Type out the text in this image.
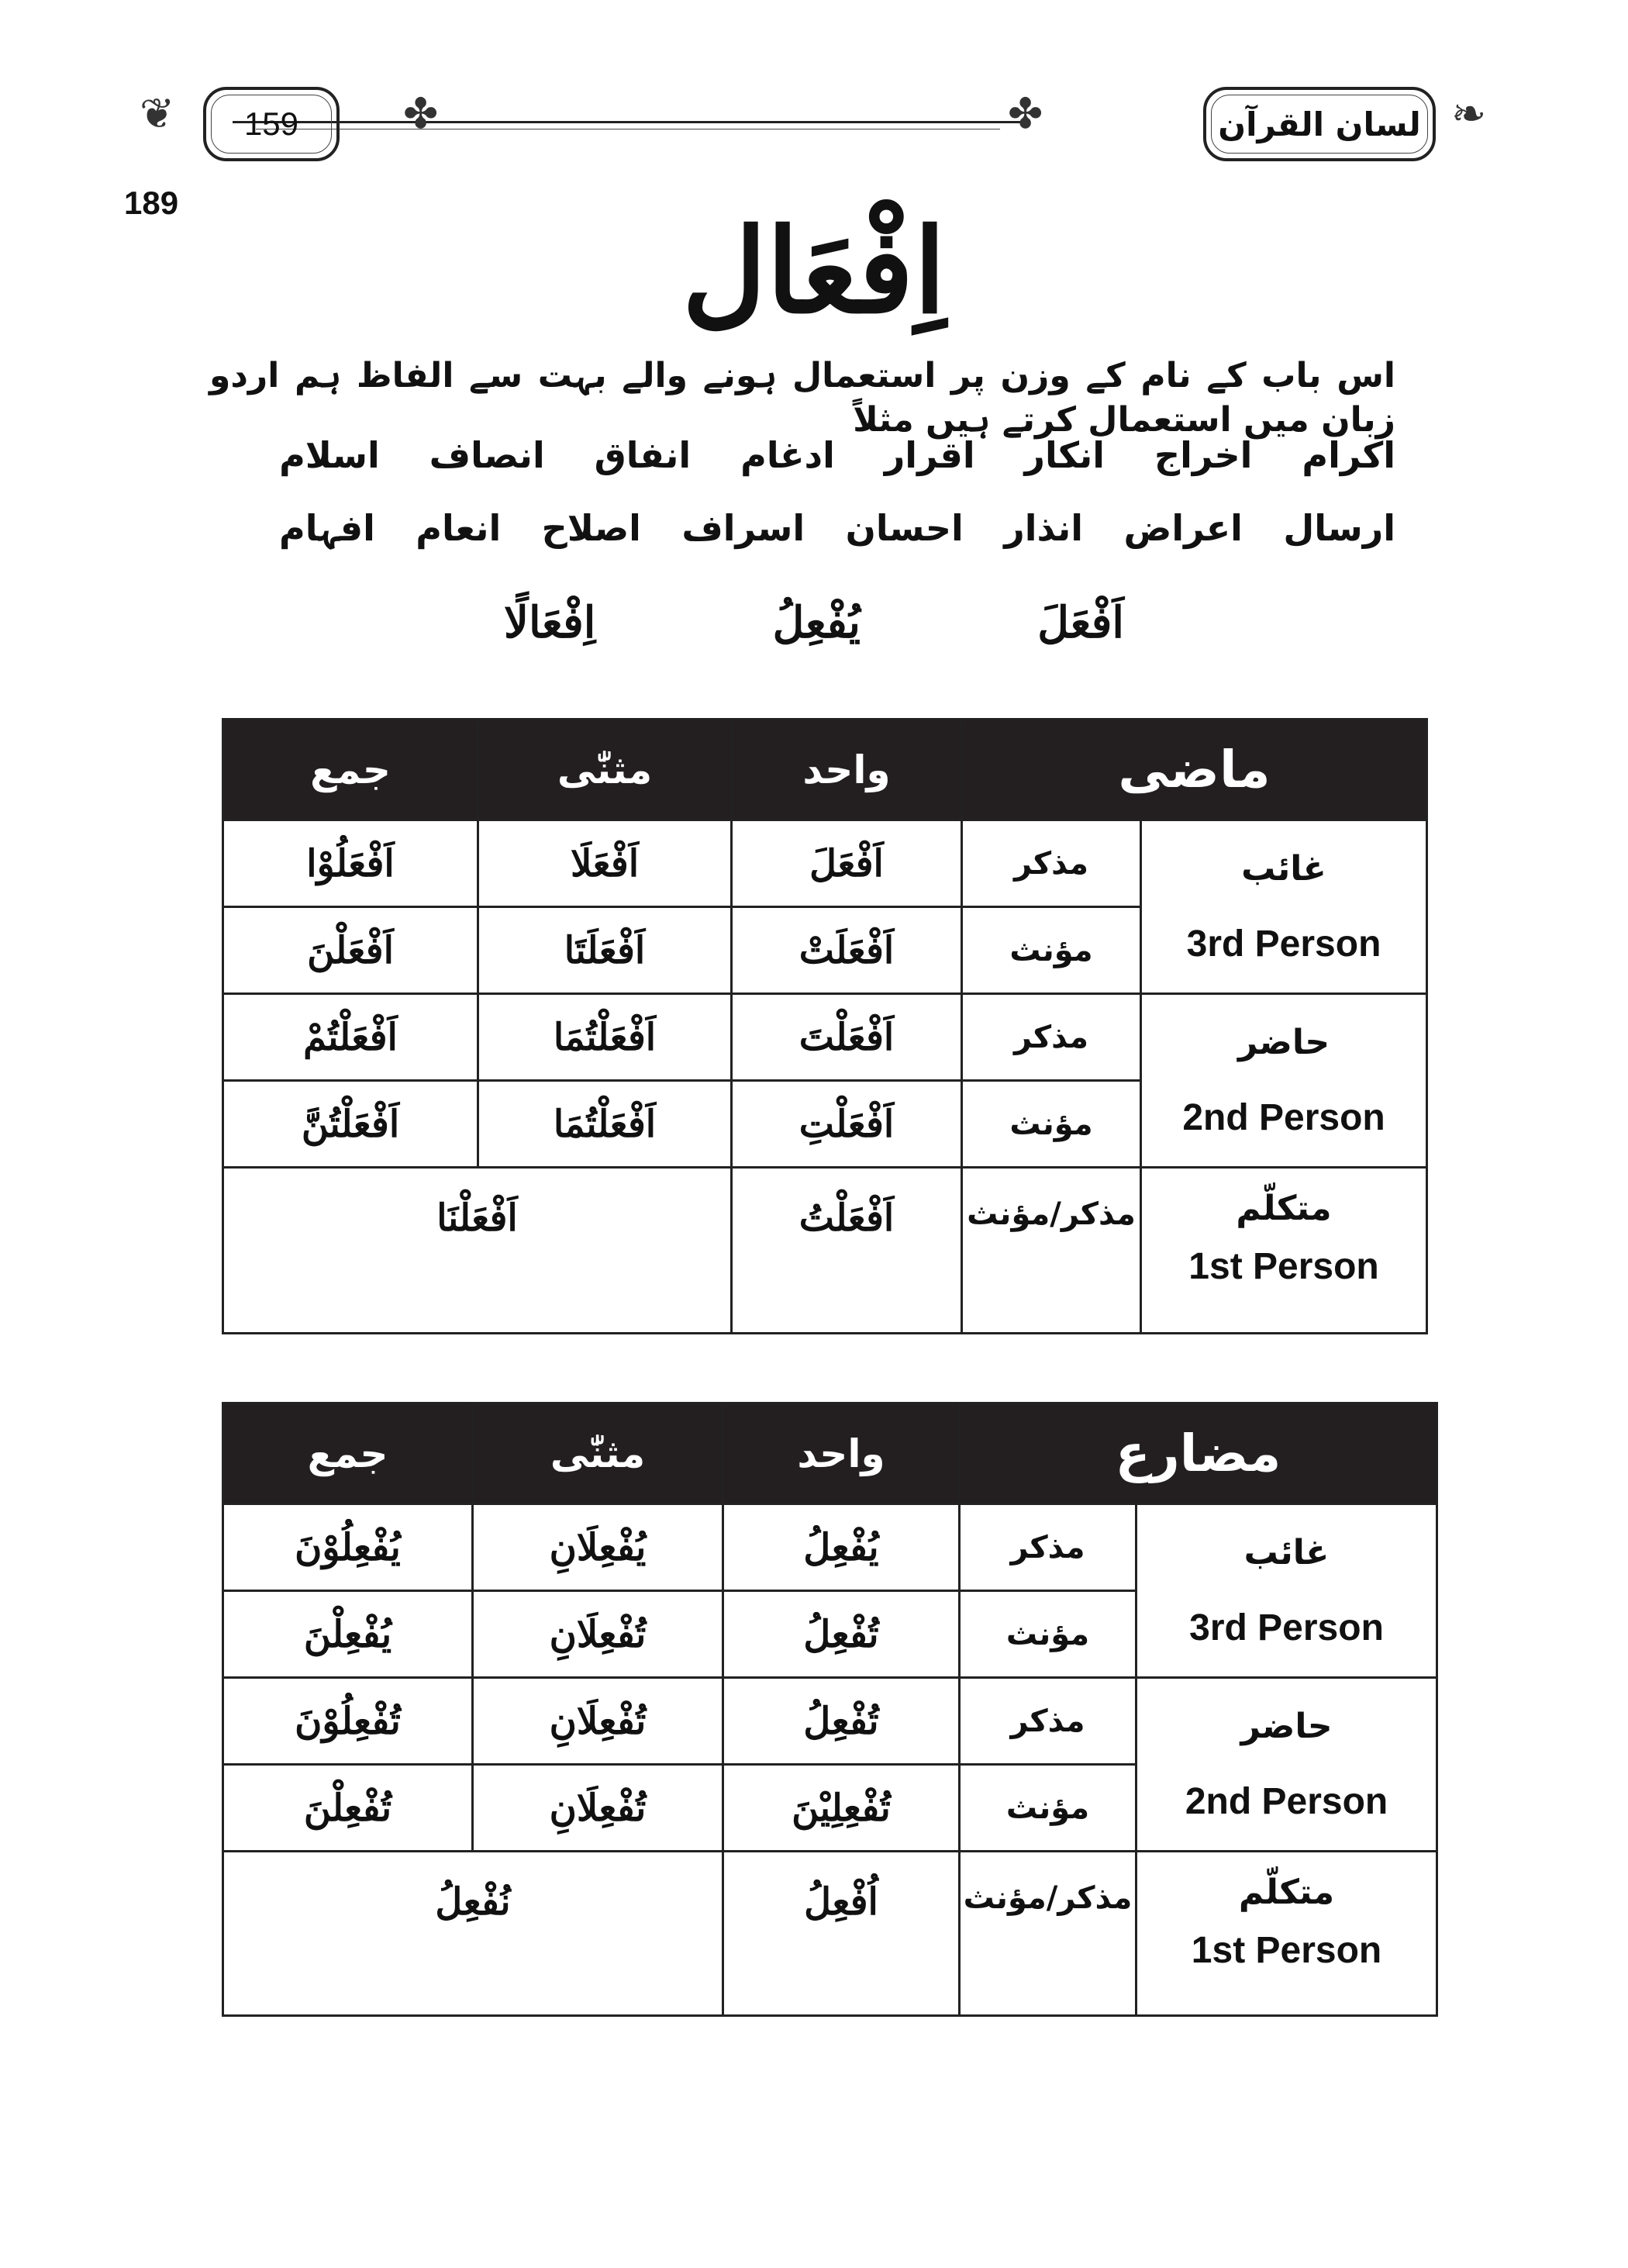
❦	✤	✤	❧
159	لسان القرآن
189
اِفْعَال
اس باب کے نام کے وزن پر استعمال ہونے والے بہت سے الفاظ ہم اردو زبان میں استعمال کرتے ہیں مثلاً
اکرام
اخراج
انکار
اقرار
ادغام
انفاق
انصاف
اسلام
ارسال
اعراض
انذار
احسان
اسراف
اصلاح
انعام
افہام
اَفْعَلَ
يُفْعِلُ
اِفْعَالًا
ماضی		واحد	مثنّٰی	جمع

غائب
3rd Person	مذکر	اَفْعَلَ	اَفْعَلَا	اَفْعَلُوْا
	مؤنث	اَفْعَلَتْ	اَفْعَلَتَا	اَفْعَلْنَ

حاضر
2nd Person	مذکر	اَفْعَلْتَ	اَفْعَلْتُمَا	اَفْعَلْتُمْ
	مؤنث	اَفْعَلْتِ	اَفْعَلْتُمَا	اَفْعَلْتُنَّ

متکلّم
1st Person	مذکر/مؤنث	اَفْعَلْتُ	اَفْعَلْنَا	
مضارع		واحد	مثنّٰی	جمع

غائب
3rd Person	مذکر	يُفْعِلُ	يُفْعِلَانِ	يُفْعِلُوْنَ
	مؤنث	تُفْعِلُ	تُفْعِلَانِ	يُفْعِلْنَ

حاضر
2nd Person	مذکر	تُفْعِلُ	تُفْعِلَانِ	تُفْعِلُوْنَ
	مؤنث	تُفْعِلِيْنَ	تُفْعِلَانِ	تُفْعِلْنَ

متکلّم
1st Person	مذکر/مؤنث	اُفْعِلُ	نُفْعِلُ	
